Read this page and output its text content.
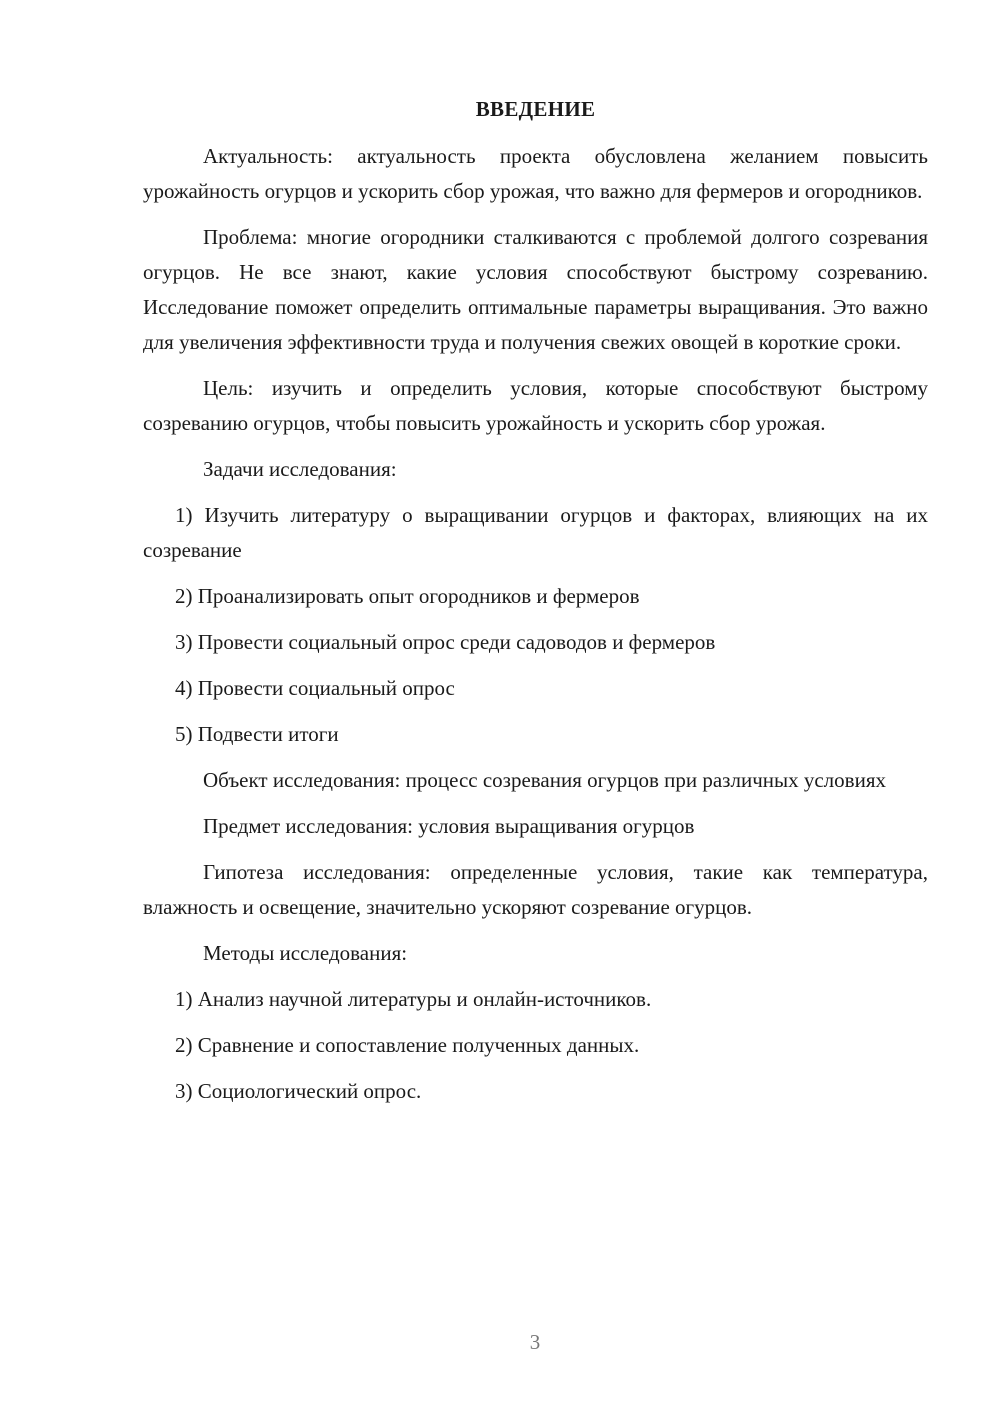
ВВЕДЕНИЕ

Актуальность: актуальность проекта обусловлена желанием повысить урожайность огурцов и ускорить сбор урожая, что важно для фермеров и огородников.

Проблема: многие огородники сталкиваются с проблемой долгого созревания огурцов. Не все знают, какие условия способствуют быстрому созреванию. Исследование поможет определить оптимальные параметры выращивания. Это важно для увеличения эффективности труда и получения свежих овощей в короткие сроки.

Цель: изучить и определить условия, которые способствуют быстрому созреванию огурцов, чтобы повысить урожайность и ускорить сбор урожая.

Задачи исследования:

1) Изучить литературу о выращивании огурцов и факторах, влияющих на их созревание

2) Проанализировать опыт огородников и фермеров

3) Провести социальный опрос среди садоводов и фермеров

4) Провести социальный опрос

5) Подвести итоги

Объект исследования: процесс созревания огурцов при различных условиях

Предмет исследования: условия выращивания огурцов

Гипотеза исследования: определенные условия, такие как температура, влажность и освещение, значительно ускоряют созревание огурцов.

Методы исследования:

1) Анализ научной литературы и онлайн-источников.

2) Сравнение и сопоставление полученных данных.

3) Социологический опрос.

3
